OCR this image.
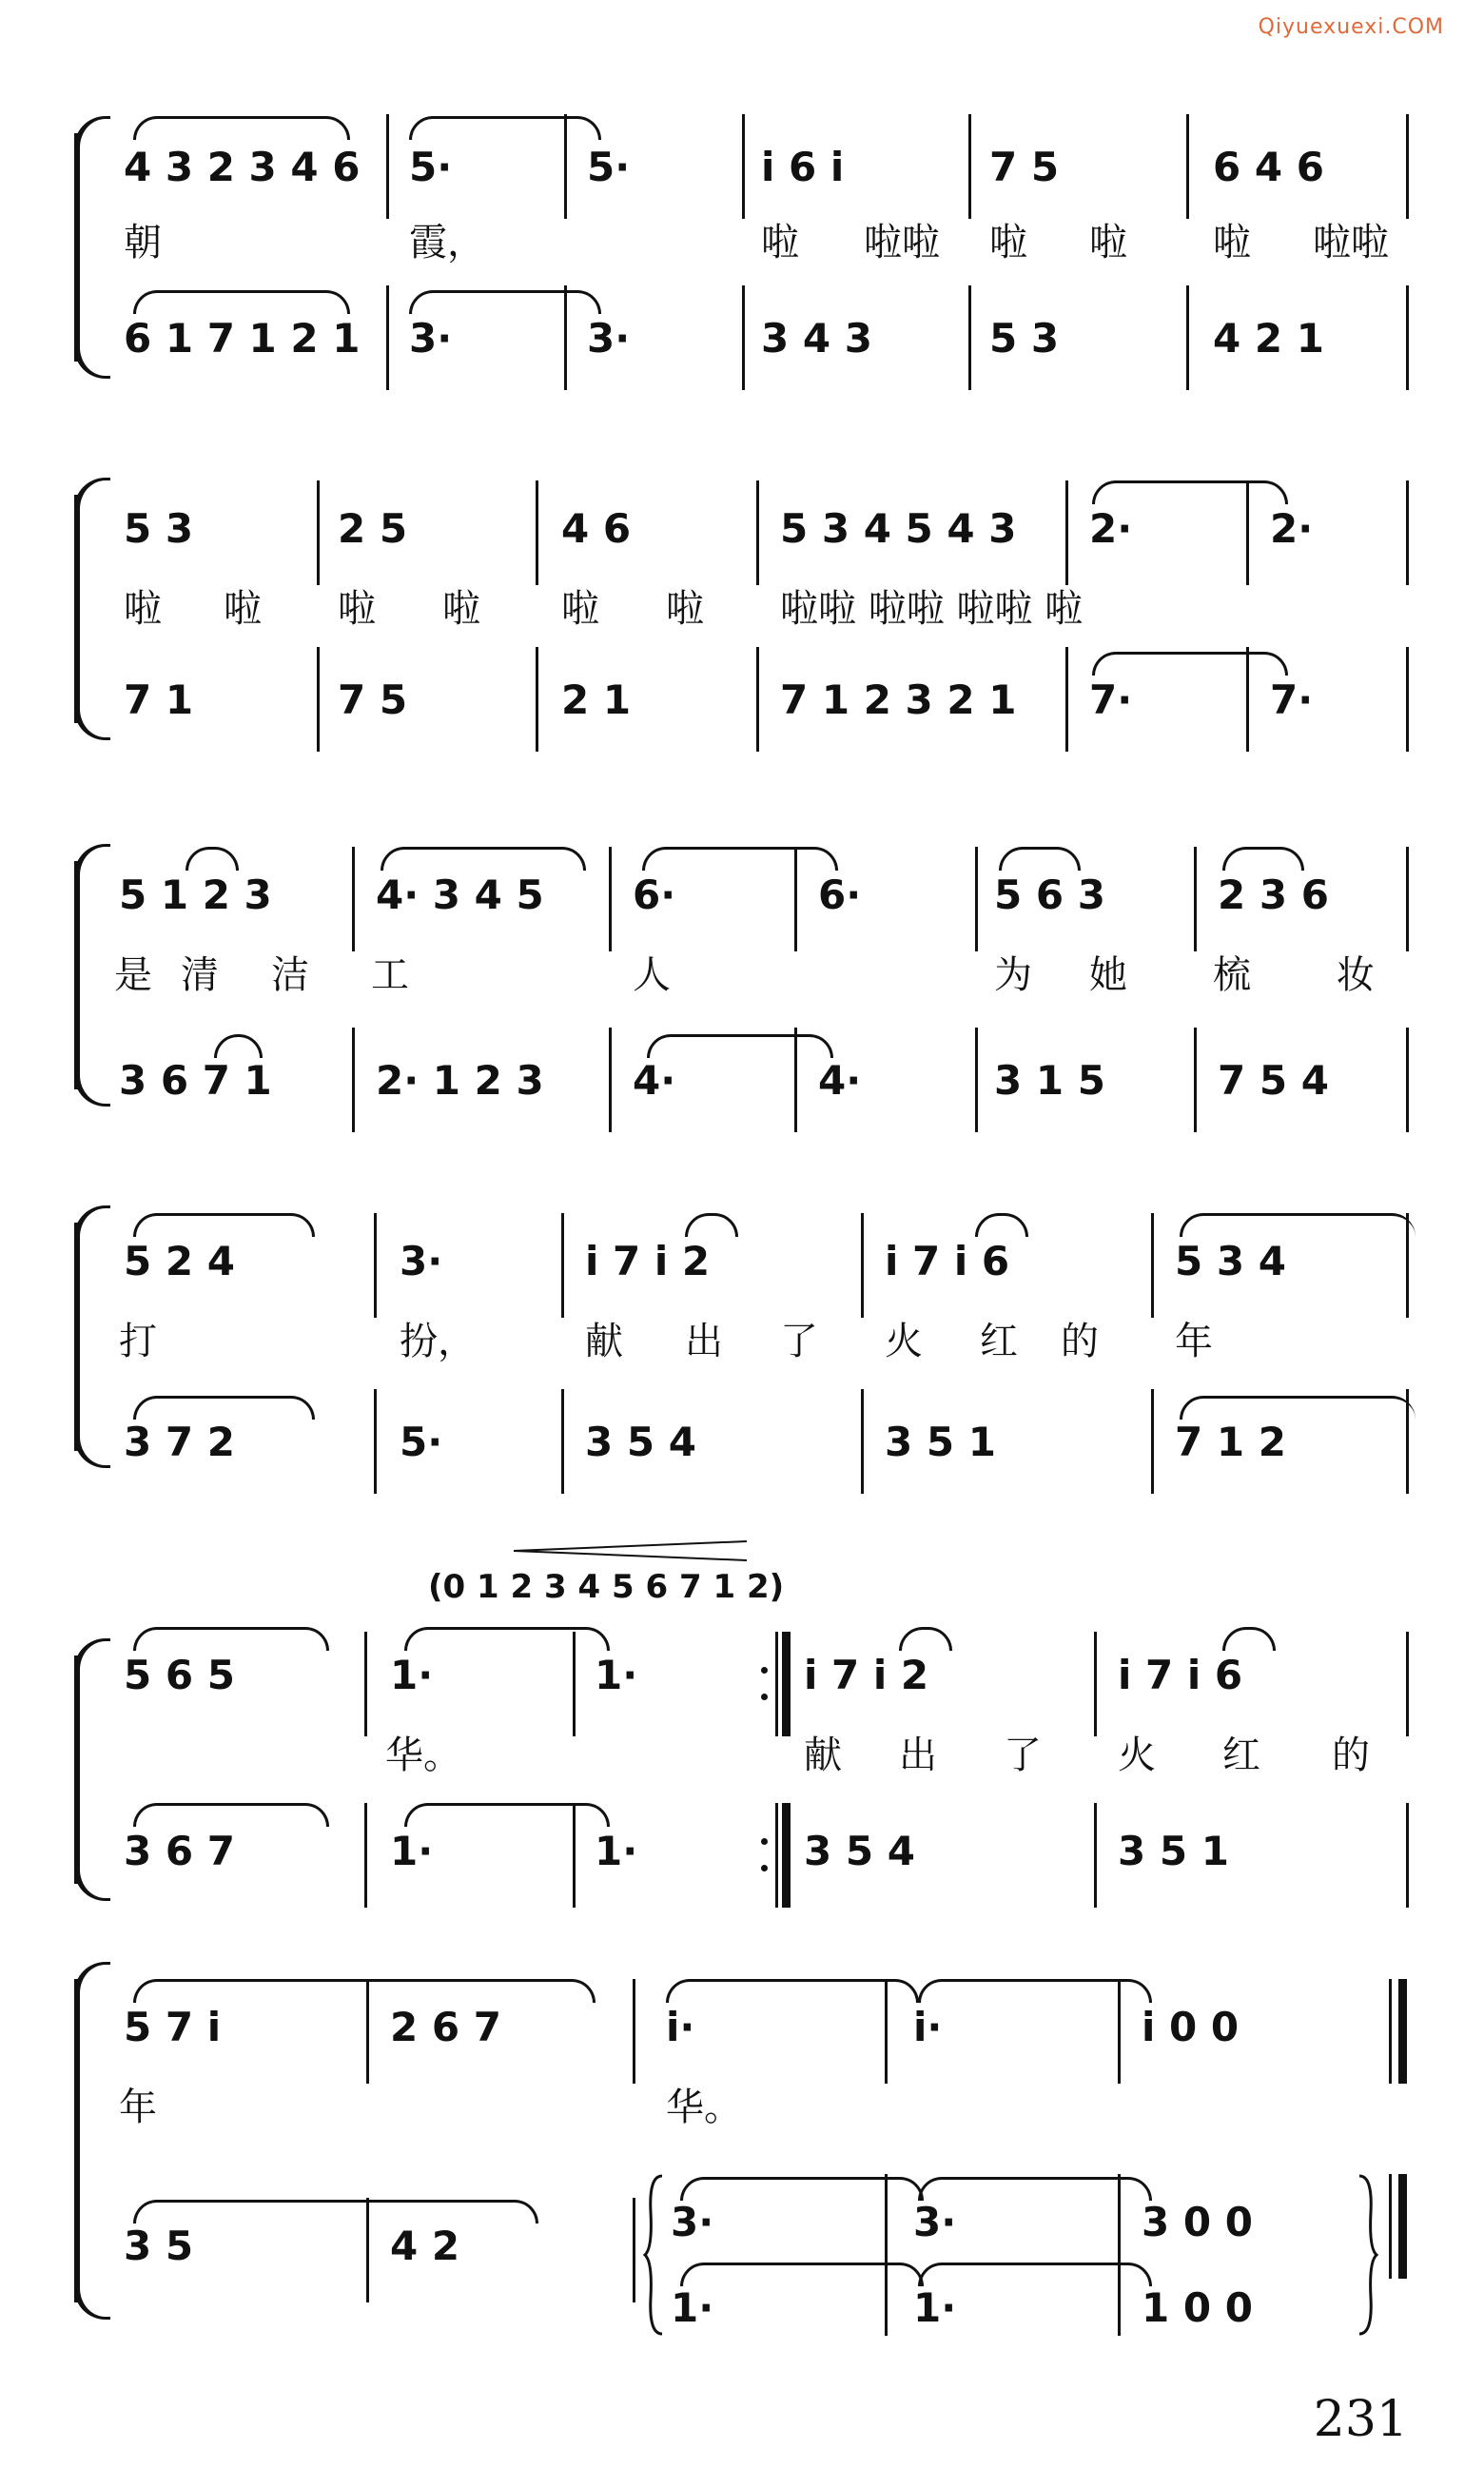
Qiyuexuexi.COM
4 3 2 3 4 6 5·	5·	i 6 i	7 5	6 4 6
朝	霞，	啦 啦啦 啦 啦 啦 啦啦
6 1 7 1 2 1 3·	3·	3 4 3	5 3	4 2 1
5 3	2 5	4 6	5 3 4 5 4 3 2·	2·
啦 啦 啦 啦 啦 啦 啦啦 啦啦 啦啦 啦
7 1	7 5	2 1	7 1 2 3 2 1 7·	7·
5 1 2 3	4· 3 4 5 6·	6·	5 6 3	2 3 6
是 清 洁 工	人	为 她 梳 妆
3 6 7 1	2· 1 2 3 4·	4·	3 1 5	7 5 4
5 2 4	3·	i 7 i 2	i 7 i 6	5 3 4
打	扮，	献 出 了 火 红 的 年
3 7 2	5·	3 5 4	3 5 1	7 1 2
(0 1 2 3 4 5 6 7 1 2)
5 6 5	1·	1·	i 7 i 2	i 7 i 6
华。	献 出 了 火 红 的
3 6 7	1·	1·	3 5 4	3 5 1
5 7 i	2 6 7	i·	i·	i 0 0
年	华。
3 5	4 2
3·	3·	3 0 0
1·	1·	1 0 0
231
